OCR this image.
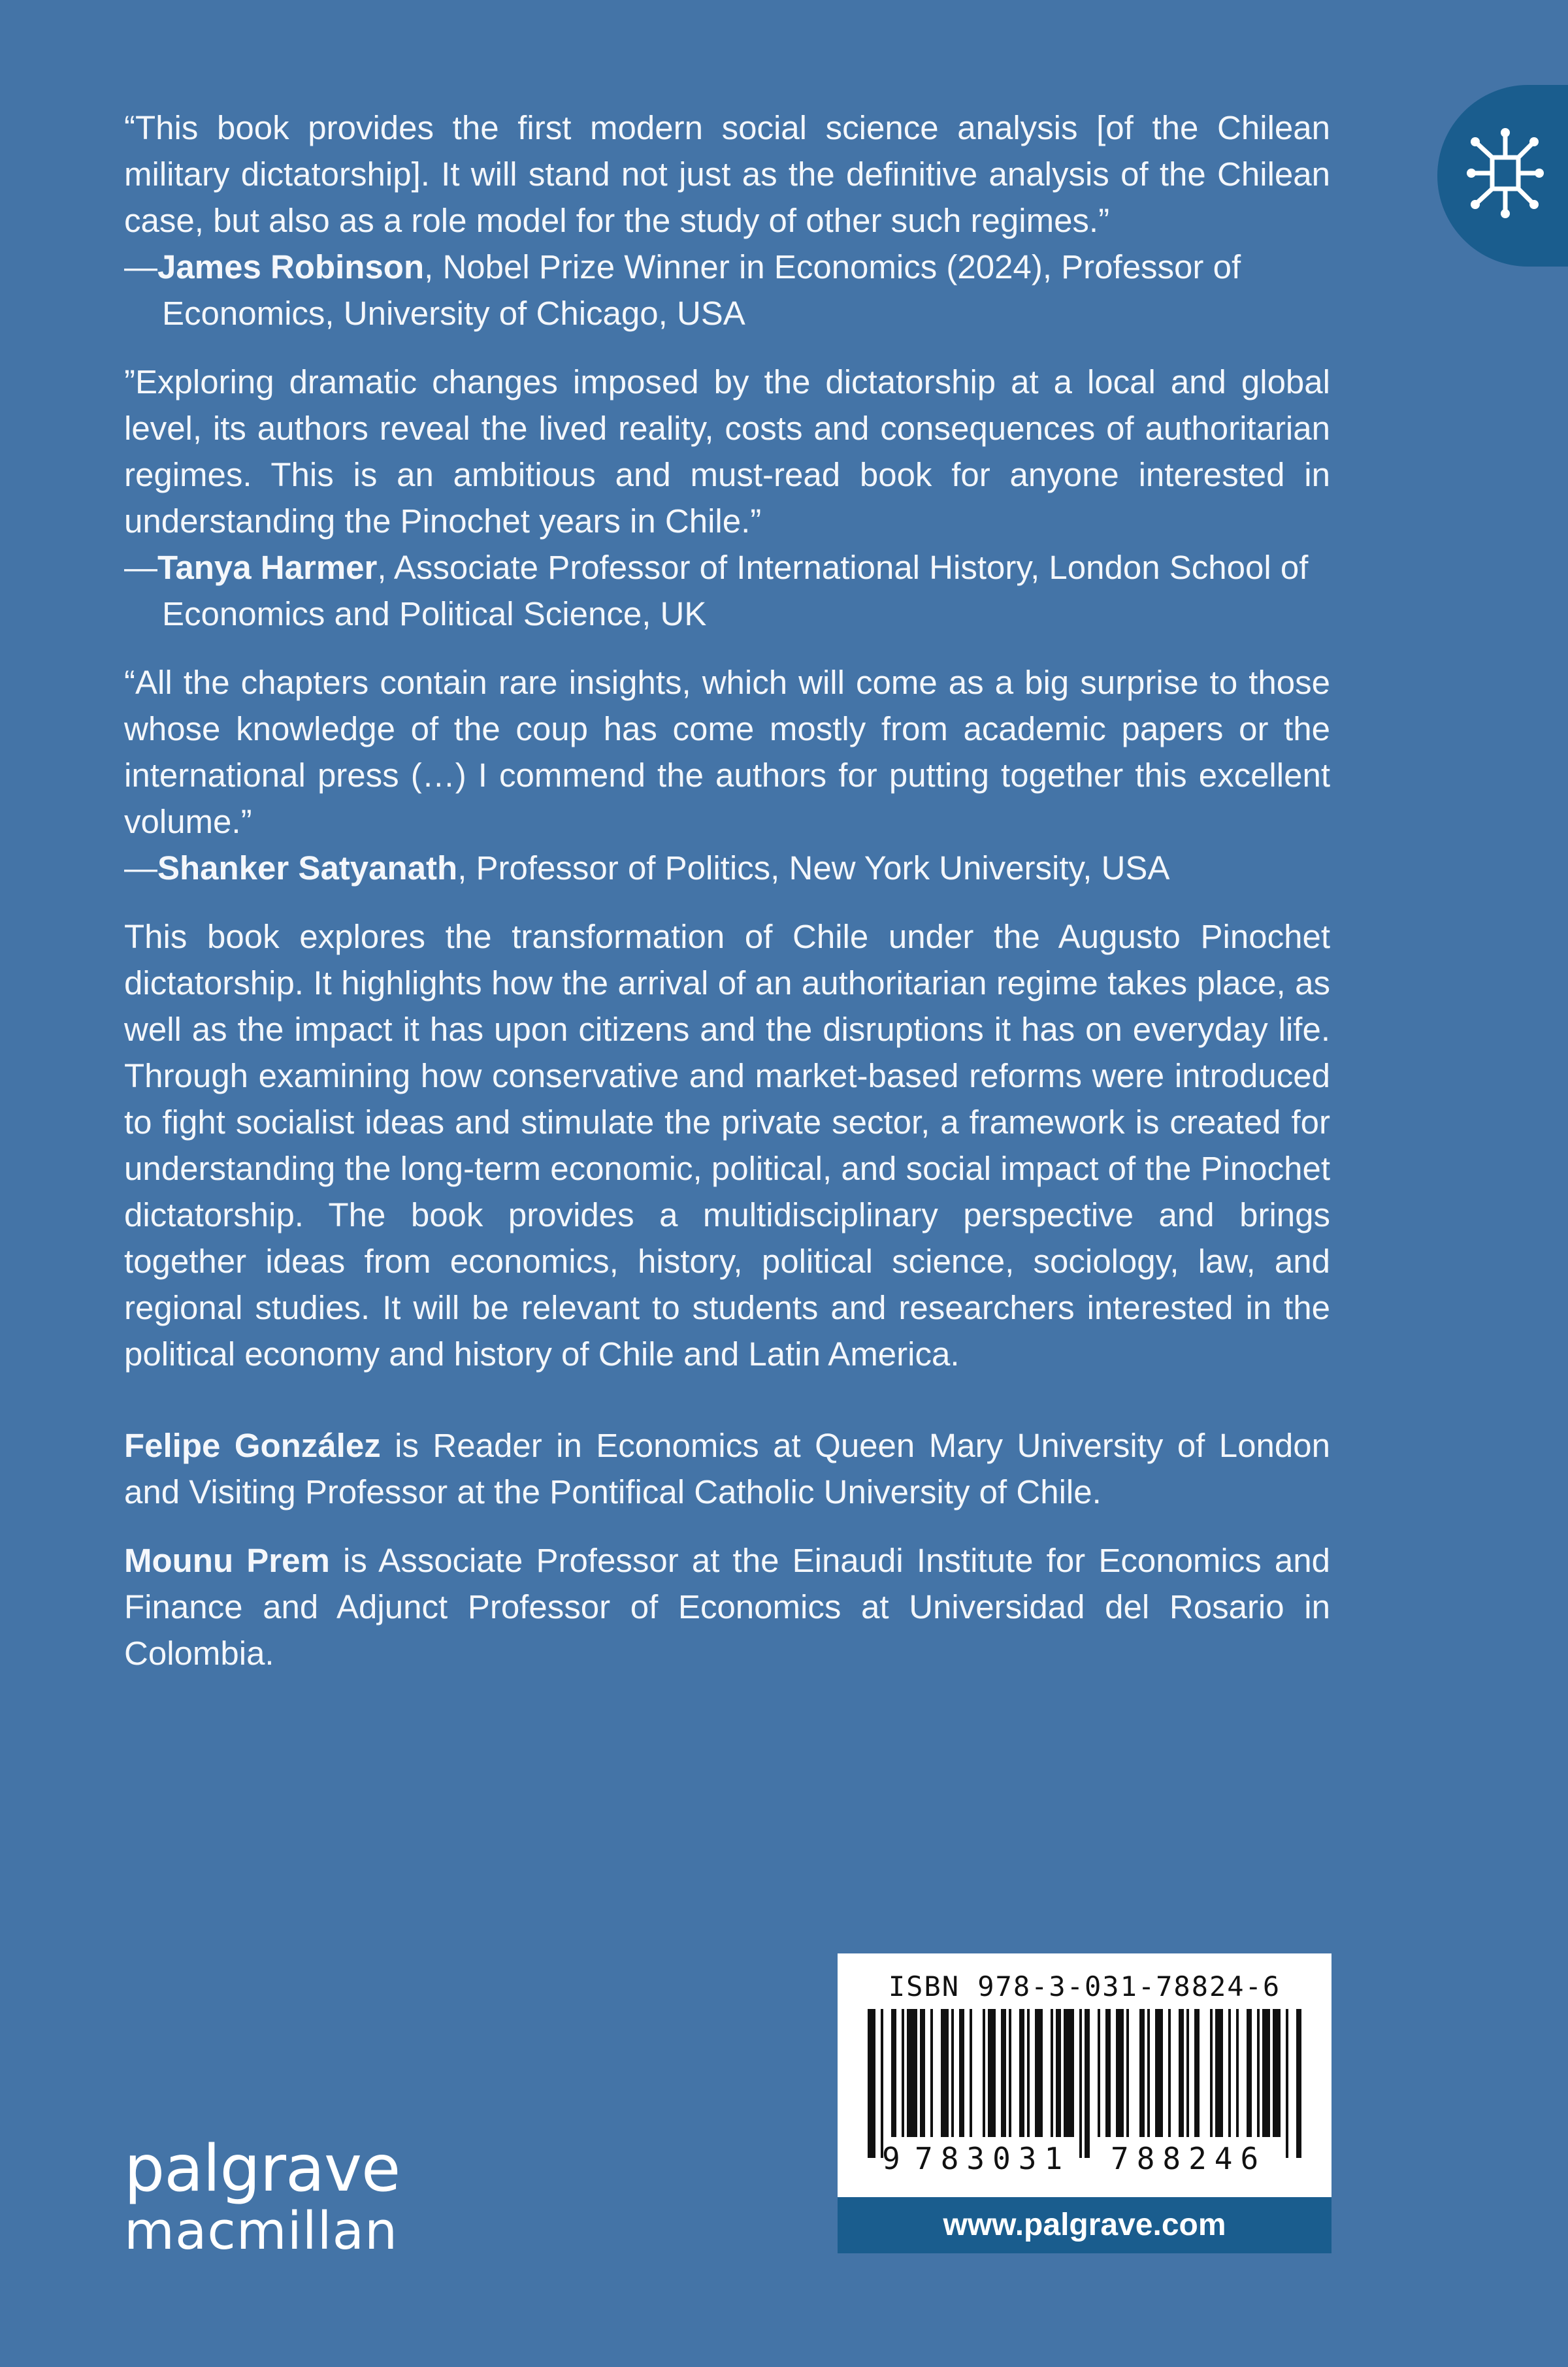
“This book provides the first modern social science analysis [of the Chilean military dictatorship]. It will stand not just as the definitive analysis of the Chilean case, but also as a role model for the study of other such regimes.”

—James Robinson, Nobel Prize Winner in Economics (2024), Professor of Economics, University of Chicago, USA

”Exploring dramatic changes imposed by the dictatorship at a local and global level, its authors reveal the lived reality, costs and consequences of authoritarian regimes. This is an ambitious and must-read book for anyone interested in understanding the Pinochet years in Chile.”

—Tanya Harmer, Associate Professor of International History, London School of Economics and Political Science, UK

“All the chapters contain rare insights, which will come as a big surprise to those whose knowledge of the coup has come mostly from academic papers or the international press (…) I commend the authors for putting together this excellent volume.”

—Shanker Satyanath, Professor of Politics, New York University, USA

This book explores the transformation of Chile under the Augusto Pinochet dictatorship. It highlights how the arrival of an authoritarian regime takes place, as well as the impact it has upon citizens and the disruptions it has on everyday life. Through examining how conservative and market-based reforms were introduced to fight socialist ideas and stimulate the private sector, a framework is created for understanding the long-term economic, political, and social impact of the Pinochet dictatorship. The book provides a multidisciplinary perspective and brings together ideas from economics, history, political science, sociology, law, and regional studies. It will be relevant to students and researchers interested in the political economy and history of Chile and Latin America.

Felipe González is Reader in Economics at Queen Mary University of London and Visiting Professor at the Pontifical Catholic University of Chile.

Mounu Prem is Associate Professor at the Einaudi Institute for Economics and Finance and Adjunct Professor of Economics at Universidad del Rosario in Colombia.

palgrave
macmillan
ISBN 978-3-031-78824-6
9 783031 788246
www.palgrave.com
